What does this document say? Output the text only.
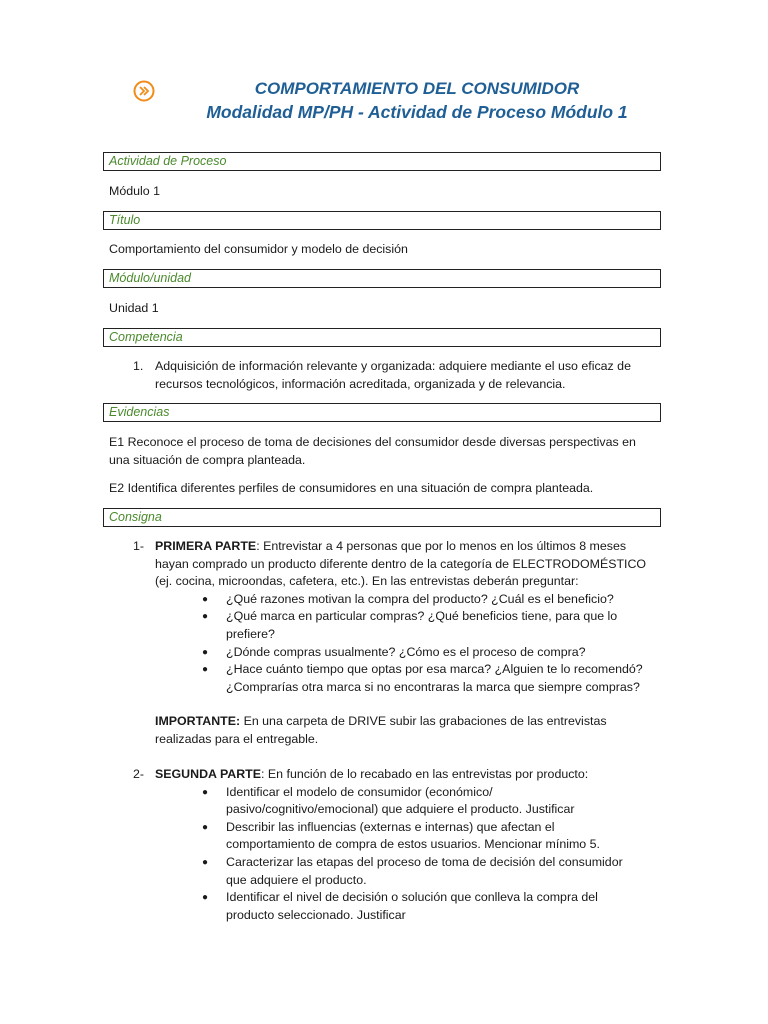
COMPORTAMIENTO DEL CONSUMIDOR
Modalidad MP/PH - Actividad de Proceso Módulo 1
Actividad de Proceso
Módulo 1
Título
Comportamiento del consumidor y modelo de decisión
Módulo/unidad
Unidad 1
Competencia
1. Adquisición de información relevante y organizada: adquiere mediante el uso eficaz de
recursos tecnológicos, información acreditada, organizada y de relevancia.
Evidencias
E1 Reconoce el proceso de toma de decisiones del consumidor desde diversas perspectivas en
una situación de compra planteada.
E2 Identifica diferentes perfiles de consumidores en una situación de compra planteada.
Consigna
1- PRIMERA PARTE: Entrevistar a 4 personas que por lo menos en los últimos 8 meses
hayan comprado un producto diferente dentro de la categoría de ELECTRODOMÉSTICO
(ej. cocina, microondas, cafetera, etc.). En las entrevistas deberán preguntar:
● ¿Qué razones motivan la compra del producto? ¿Cuál es el beneficio?
● ¿Qué marca en particular compras? ¿Qué beneficios tiene, para que lo
prefiere?
● ¿Dónde compras usualmente? ¿Cómo es el proceso de compra?
● ¿Hace cuánto tiempo que optas por esa marca? ¿Alguien te lo recomendó?
¿Comprarías otra marca si no encontraras la marca que siempre compras?
IMPORTANTE: En una carpeta de DRIVE subir las grabaciones de las entrevistas
realizadas para el entregable.
2- SEGUNDA PARTE: En función de lo recabado en las entrevistas por producto:
● Identificar el modelo de consumidor (económico/
pasivo/cognitivo/emocional) que adquiere el producto. Justificar
● Describir las influencias (externas e internas) que afectan el
comportamiento de compra de estos usuarios. Mencionar mínimo 5.
● Caracterizar las etapas del proceso de toma de decisión del consumidor
que adquiere el producto.
● Identificar el nivel de decisión o solución que conlleva la compra del
producto seleccionado. Justificar
